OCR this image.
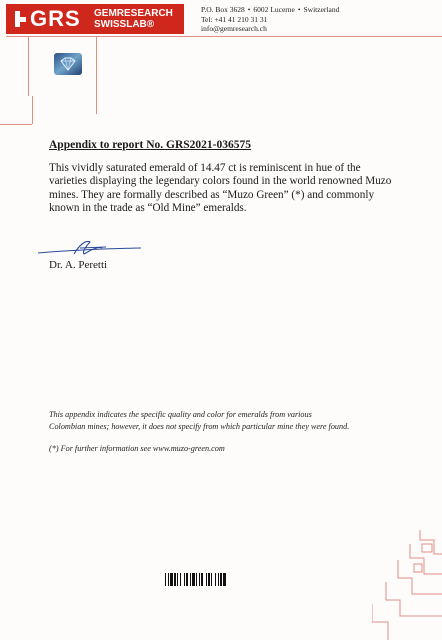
GRS	GEMRESEARCH
SWISSLAB®
P.O. Box 3628 • 6002 Lucerne • Switzerland
Tel: +41 41 210 31 31
info@gemresearch.ch
Appendix to report No. GRS2021-036575
This vividly saturated emerald of 14.47 ct is reminiscent in hue of the
varieties displaying the legendary colors found in the world renowned Muzo
mines. They are formally described as “Muzo Green” (*) and commonly
known in the trade as “Old Mine” emeralds.
Dr. A. Peretti
This appendix indicates the specific quality and color for emeralds from various
Colombian mines; however, it does not specify from which particular mine they were found.
(*) For further information see www.muzo-green.com
